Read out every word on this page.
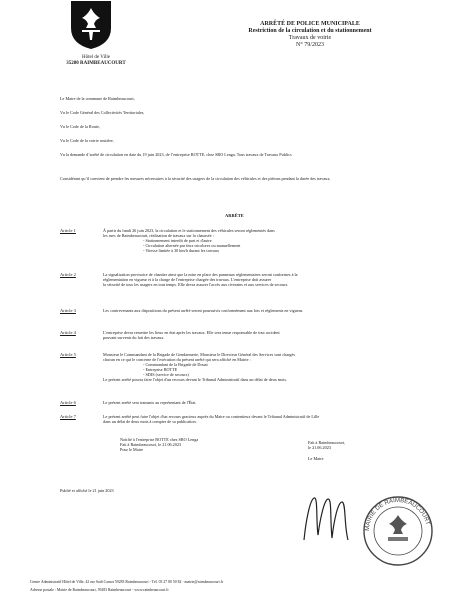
Hôtel de Ville
35280 RAIMBEAUCOURT
ARRÊTÉ DE POLICE MUNICIPALE
Restriction de la circulation et du stationnement
Travaux de voirie
N° 79/2023
Le Maire de la commune de Raimbeaucourt,
Vu le Code Général des Collectivités Territoriales,
Vu le Code de la Route,
Vu le Code de la voirie routière,
Vu la demande d’arrêté de circulation en date du 19 juin 2023, de l’entreprise BOTTE, chez SRO Lenga, Tous travaux de Travaux Publics
Considérant qu’il convient de prendre les mesures nécessaires à la sécurité des usagers de la circulation des véhicules et des piétons pendant la durée des travaux,
ARRÊTE
Article 1	À partir du lundi 26 juin 2023, la circulation et le stationnement des véhicules seront réglementés dans

les rues de Raimbeaucourt, réalisation de travaux sur la chaussée :

- Stationnement interdit de part et d'autre

- Circulation alternée par feux tricolores ou manuellement

- Vitesse limitée à 30 km/h durant les travaux

Article 2	La signalisation provisoire de chantier ainsi que la mise en place des panneaux réglementaires seront conformes à la

réglementation en vigueur et à la charge de l'entreprise chargée des travaux. L'entreprise doit assurer

la sécurité de tous les usagers en tout temps. Elle devra assurer l'accès aux riverains et aux services de secours.

Article 3	Les contrevenants aux dispositions du présent arrêté seront poursuivis conformément aux lois et règlements en vigueur.

Article 4	L'entreprise devra remettre les lieux en état après les travaux. Elle sera tenue responsable de tout accident

pouvant survenir du fait des travaux.

Article 5	Monsieur le Commandant de la Brigade de Gendarmerie, Monsieur le Directeur Général des Services sont chargés

chacun en ce qui le concerne de l'exécution du présent arrêté qui sera affiché en Mairie :

- Commandant de la Brigade de Douai

- Entreprise BOTTE

- SDIS (service de secours)

Le présent arrêté pourra faire l'objet d'un recours devant le Tribunal Administratif dans un délai de deux mois.

Article 6	Le présent arrêté sera transmis au représentant de l'État.

Article 7	Le présent arrêté peut faire l'objet d'un recours gracieux auprès du Maire ou contentieux devant le Tribunal Administratif de Lille

dans un délai de deux mois à compter de sa publication.

Notifié à l'entreprise BOTTE chez SRO Lenga
Fait à Raimbeaucourt, le 21.06.2023
Pour le Maire
Fait à Raimbeaucourt,
le 21.06.2023
Le Maire
Publié et affiché le 21 juin 2023
MAIRIE DE RAIMBEAUCOURT
Centre Administratif Hôtel de Ville, 42 rue Sadi Carnot 59283 Raimbeaucourt - Tél. 03 27 80 50 82 - mairie@raimbeaucourt.fr
Adresse postale : Mairie de Raimbeaucourt, 59283 Raimbeaucourt - www.raimbeaucourt.fr
